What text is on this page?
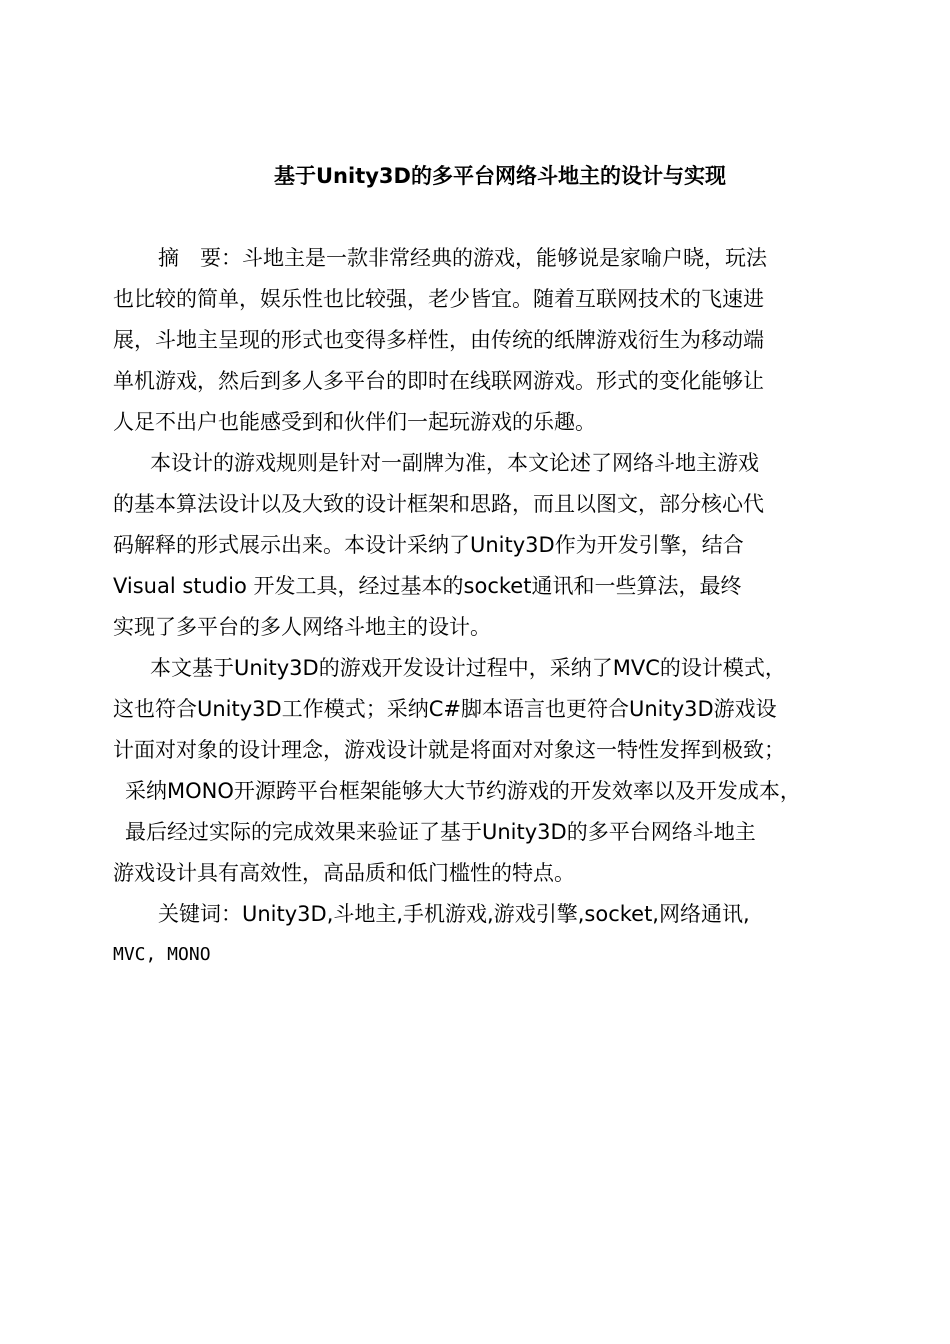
基于Unity3D的多平台网络斗地主的设计与实现
摘　要：斗地主是一款非常经典的游戏，能够说是家喻户晓，玩法
也比较的简单，娱乐性也比较强，老少皆宜。随着互联网技术的飞速进
展，斗地主呈现的形式也变得多样性，由传统的纸牌游戏衍生为移动端
单机游戏，然后到多人多平台的即时在线联网游戏。形式的变化能够让
人足不出户也能感受到和伙伴们一起玩游戏的乐趣。
本设计的游戏规则是针对一副牌为准，本文论述了网络斗地主游戏
的基本算法设计以及大致的设计框架和思路，而且以图文，部分核心代
码解释的形式展示出来。本设计采纳了Unity3D作为开发引擎，结合
Visual studio 开发工具，经过基本的socket通讯和一些算法，最终
实现了多平台的多人网络斗地主的设计。
本文基于Unity3D的游戏开发设计过程中，采纳了MVC的设计模式，
这也符合Unity3D工作模式；采纳C#脚本语言也更符合Unity3D游戏设
计面对对象的设计理念，游戏设计就是将面对对象这一特性发挥到极致；
采纳MONO开源跨平台框架能够大大节约游戏的开发效率以及开发成本，
最后经过实际的完成效果来验证了基于Unity3D的多平台网络斗地主
游戏设计具有高效性，高品质和低门槛性的特点。
关键词：Unity3D,斗地主,手机游戏,游戏引擎,socket,网络通讯,
MVC, MONO
